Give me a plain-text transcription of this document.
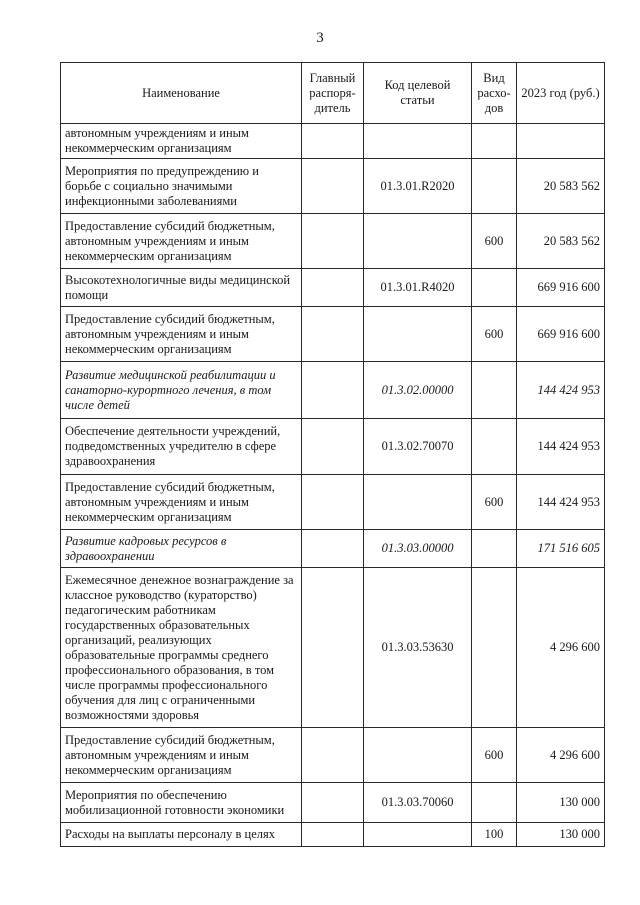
3
Наименование	Главный распоря-дитель	Код целевой статьи	Вид расхо-дов	2023 год (руб.)
автономным учреждениям и иным некоммерческим организациям				
Мероприятия по предупреждению и борьбе с социально значимыми инфекционными заболеваниями		01.3.01.R2020		20 583 562
Предоставление субсидий бюджетным, автономным учреждениям и иным некоммерческим организациям			600	20 583 562
Высокотехнологичные виды медицинской помощи		01.3.01.R4020		669 916 600
Предоставление субсидий бюджетным, автономным учреждениям и иным некоммерческим организациям			600	669 916 600
Развитие медицинской реабилитации и санаторно-курортного лечения, в том числе детей		01.3.02.00000		144 424 953
Обеспечение деятельности учреждений, подведомственных учредителю в сфере здравоохранения		01.3.02.70070		144 424 953
Предоставление субсидий бюджетным, автономным учреждениям и иным некоммерческим организациям			600	144 424 953
Развитие кадровых ресурсов в здравоохранении		01.3.03.00000		171 516 605
Ежемесячное денежное вознаграждение за классное руководство (кураторство) педагогическим работникам государственных образовательных организаций, реализующих образовательные программы среднего профессионального образования, в том числе программы профессионального обучения для лиц с ограниченными возможностями здоровья		01.3.03.53630		4 296 600
Предоставление субсидий бюджетным, автономным учреждениям и иным некоммерческим организациям			600	4 296 600
Мероприятия по обеспечению мобилизационной готовности экономики		01.3.03.70060		130 000
Расходы на выплаты персоналу в целях			100	130 000
